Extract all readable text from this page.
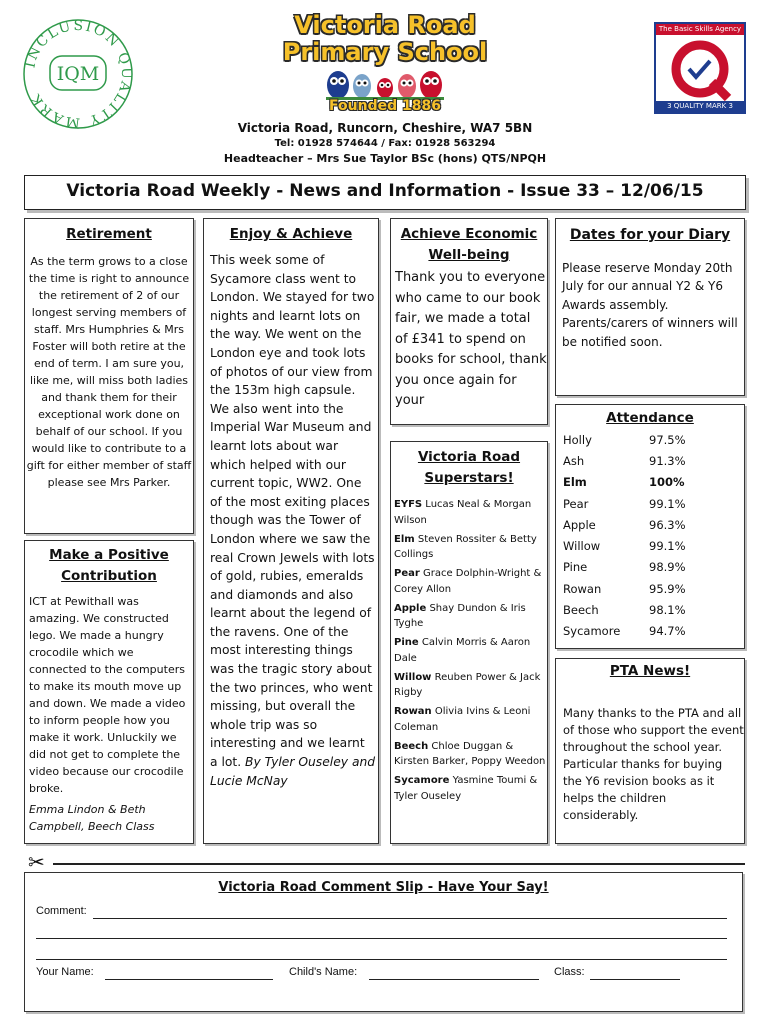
INCLUSION QUALITY MARK
IQM
Victoria Road
Primary School
Founded 1886
The Basic Skills Agency
3 QUALITY MARK 3
Victoria Road, Runcorn, Cheshire, WA7 5BN
Tel: 01928 574644 / Fax: 01928 563294
Headteacher – Mrs Sue Taylor BSc (hons) QTS/NPQH
Victoria Road Weekly - News and Information - Issue 33 – 12/06/15
Retirement
As the term grows to a close the time is right to announce the retirement of 2 of our longest serving members of staff. Mrs Humphries & Mrs Foster will both retire at the end of term. I am sure you, like me, will miss both ladies and thank them for their exceptional work done on behalf of our school. If you would like to contribute to a gift for either member of staff please see Mrs Parker.
Make a Positive Contribution
ICT at Pewithall was amazing. We constructed lego. We made a hungry crocodile which we connected to the computers to make its mouth move up and down. We made a video to inform people how you make it work. Unluckily we did not get to complete the video because our crocodile broke.
Emma Lindon & Beth Campbell, Beech Class
Enjoy & Achieve
This week some of Sycamore class went to London. We stayed for two nights and learnt lots on the way. We went on the London eye and took lots of photos of our view from the 153m high capsule. We also went into the Imperial War Museum and learnt lots about war which helped with our current topic, WW2. One of the most exiting places though was the Tower of London where we saw the real Crown Jewels with lots of gold, rubies, emeralds and diamonds and also learnt about the legend of the ravens. One of the most interesting things was the tragic story about the two princes, who went missing, but overall the whole trip was so interesting and we learnt a lot. By Tyler Ouseley and Lucie McNay
Achieve Economic Well-being
Thank you to everyone who came to our book fair, we made a total of £341 to spend on books for school, thank you once again for your
Victoria Road Superstars!
EYFS Lucas Neal & Morgan Wilson
Elm Steven Rossiter & Betty Collings
Pear Grace Dolphin-Wright & Corey Allon
Apple Shay Dundon & Iris Tyghe
Pine Calvin Morris & Aaron Dale
Willow Reuben Power & Jack Rigby
Rowan Olivia Ivins & Leoni Coleman
Beech Chloe Duggan & Kirsten Barker, Poppy Weedon
Sycamore Yasmine Toumi & Tyler Ouseley
Dates for your Diary
Please reserve Monday 20th July for our annual Y2 & Y6 Awards assembly. Parents/carers of winners will be notified soon.
Attendance
Holly	97.5%
Ash	91.3%
Elm	100%
Pear	99.1%
Apple	96.3%
Willow	99.1%
Pine	98.9%
Rowan	95.9%
Beech	98.1%
Sycamore	94.7%
PTA News!
Many thanks to the PTA and all of those who support the event throughout the school year. Particular thanks for buying the Y6 revision books as it helps the children considerably.
✂
Victoria Road Comment Slip - Have Your Say!
Comment:
Your Name:	Child's Name:	Class:
